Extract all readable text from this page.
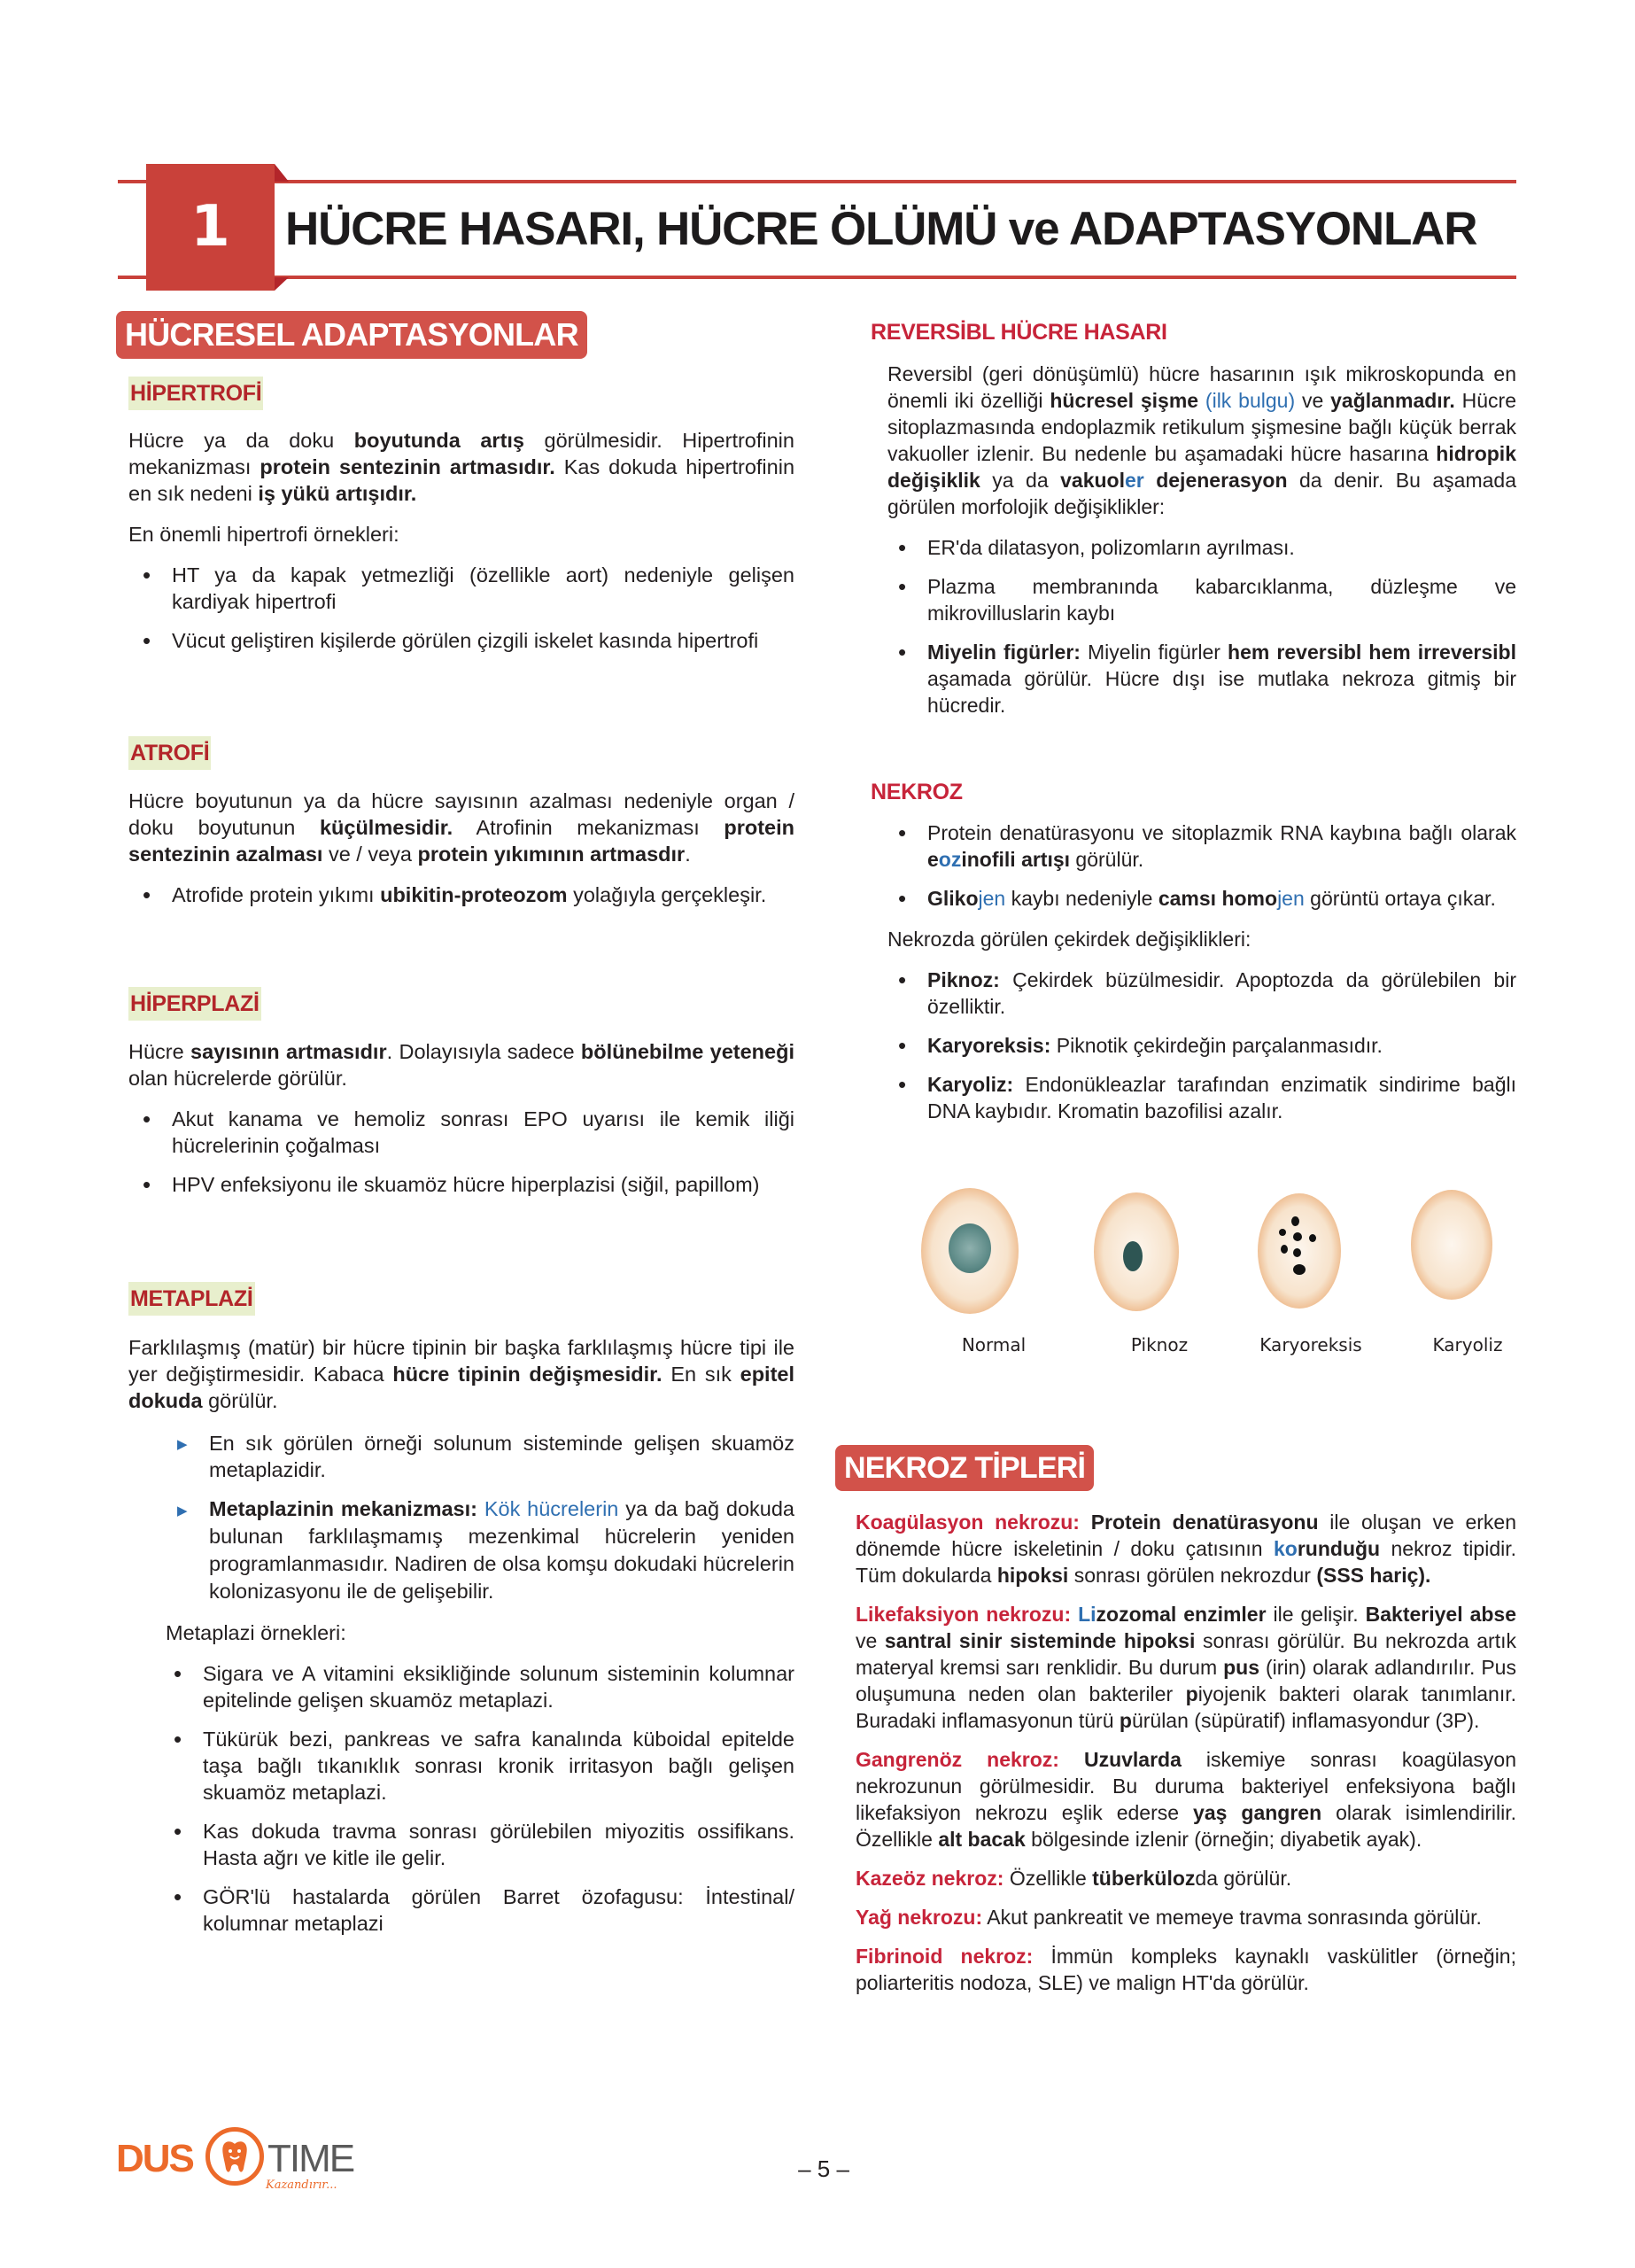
1	HÜCRE HASARI, HÜCRE ÖLÜMÜ ve ADAPTASYONLAR
HÜCRESEL ADAPTASYONLAR
HİPERTROFİ

Hücre ya da doku boyutunda artış görülmesidir. Hipertrofinin mekanizması protein sentezinin artmasıdır. Kas dokuda hipertrofinin en sık nedeni iş yükü artışıdır.

En önemli hipertrofi örnekleri:

• HT ya da kapak yetmezliği (özellikle aort) nedeniyle gelişen kardiyak hipertrofi
• Vücut geliştiren kişilerde görülen çizgili iskelet kasında hipertrofi
ATROFİ

Hücre boyutunun ya da hücre sayısının azalması nedeniyle organ / doku boyutunun küçülmesidir. Atrofinin mekanizması protein sentezinin azalması ve / veya protein yıkımının artmasdır.

• Atrofide protein yıkımı ubikitin-proteozom yolağıyla gerçekleşir.
HİPERPLAZİ

Hücre sayısının artmasıdır. Dolayısıyla sadece bölünebilme yeteneği olan hücrelerde görülür.

• Akut kanama ve hemoliz sonrası EPO uyarısı ile kemik iliği hücrelerinin çoğalması
• HPV enfeksiyonu ile skuamöz hücre hiperplazisi (siğil, papillom)
METAPLAZİ

Farklılaşmış (matür) bir hücre tipinin bir başka farklılaşmış hücre tipi ile yer değiştirmesidir. Kabaca hücre tipinin değişmesidir. En sık epitel dokuda görülür.

▶ En sık görülen örneği solunum sisteminde gelişen skuamöz metaplazidir.
▶ Metaplazinin mekanizması: Kök hücrelerin ya da bağ dokuda bulunan farklılaşmamış mezenkimal hücrelerin yeniden programlanmasıdır. Nadiren de olsa komşu dokudaki hücrelerin kolonizasyonu ile de gelişebilir.

Metaplazi örnekleri:

• Sigara ve A vitamini eksikliğinde solunum sisteminin kolumnar epitelinde gelişen skuamöz metaplazi.
• Tükürük bezi, pankreas ve safra kanalında küboidal epitelde taşa bağlı tıkanıklık sonrası kronik irritasyon bağlı gelişen skuamöz metaplazi.
• Kas dokuda travma sonrası görülebilen miyozitis ossifikans. Hasta ağrı ve kitle ile gelir.
• GÖR'lü hastalarda görülen Barret özofagusu: İntestinal/ kolumnar metaplazi
REVERSİBL HÜCRE HASARI

Reversibl (geri dönüşümlü) hücre hasarının ışık mikroskopunda en önemli iki özelliği hücresel şişme (ilk bulgu) ve yağlanmadır. Hücre sitoplazmasında endoplazmik retikulum şişmesine bağlı küçük berrak vakuoller izlenir. Bu nedenle bu aşamadaki hücre hasarına hidropik değişiklik ya da vakuoler dejenerasyon da denir. Bu aşamada görülen morfolojik değişiklikler:

• ER'da dilatasyon, polizomların ayrılması.
• Plazma membranında kabarcıklanma, düzleşme ve mikrovilluslarin kaybı
• Miyelin figürler: Miyelin figürler hem reversibl hem irreversibl aşamada görülür. Hücre dışı ise mutlaka nekroza gitmiş bir hücredir.
NEKROZ
• Protein denatürasyonu ve sitoplazmik RNA kaybına bağlı olarak eozinofili artışı görülür.
• Glikojen kaybı nedeniyle camsı homojen görüntü ortaya çıkar.

Nekrozda görülen çekirdek değişiklikleri:

• Piknoz: Çekirdek büzülmesidir. Apoptozda da görülebilen bir özelliktir.
• Karyoreksis: Piknotik çekirdeğin parçalanmasıdır.
• Karyoliz: Endonükleazlar tarafından enzimatik sindirime bağlı DNA kaybıdır. Kromatin bazofilisi azalır.
Normal	Piknoz	Karyoreksis	Karyoliz
NEKROZ TİPLERİ

Koagülasyon nekrozu: Protein denatürasyonu ile oluşan ve erken dönemde hücre iskeletinin / doku çatısının korunduğu nekroz tipidir. Tüm dokularda hipoksi sonrası görülen nekrozdur (SSS hariç).

Likefaksiyon nekrozu: Lizozomal enzimler ile gelişir. Bakteriyel abse ve santral sinir sisteminde hipoksi sonrası görülür. Bu nekrozda artık materyal kremsi sarı renklidir. Bu durum pus (irin) olarak adlandırılır. Pus oluşumuna neden olan bakteriler piyojenik bakteri olarak tanımlanır. Buradaki inflamasyonun türü pürülan (süpüratif) inflamasyondur (3P).

Gangrenöz nekroz: Uzuvlarda iskemiye sonrası koagülasyon nekrozunun görülmesidir. Bu duruma bakteriyel enfeksiyona bağlı likefaksiyon nekrozu eşlik ederse yaş gangren olarak isimlendirilir. Özellikle alt bacak bölgesinde izlenir (örneğin; diyabetik ayak).

Kazeöz nekroz: Özellikle tüberkülozda görülür.

Yağ nekrozu: Akut pankreatit ve memeye travma sonrasında görülür.

Fibrinoid nekroz: İmmün kompleks kaynaklı vaskülitler (örneğin; poliarteritis nodoza, SLE) ve malign HT'da görülür.

DUS TIME
Kazandırır...
– 5 –
